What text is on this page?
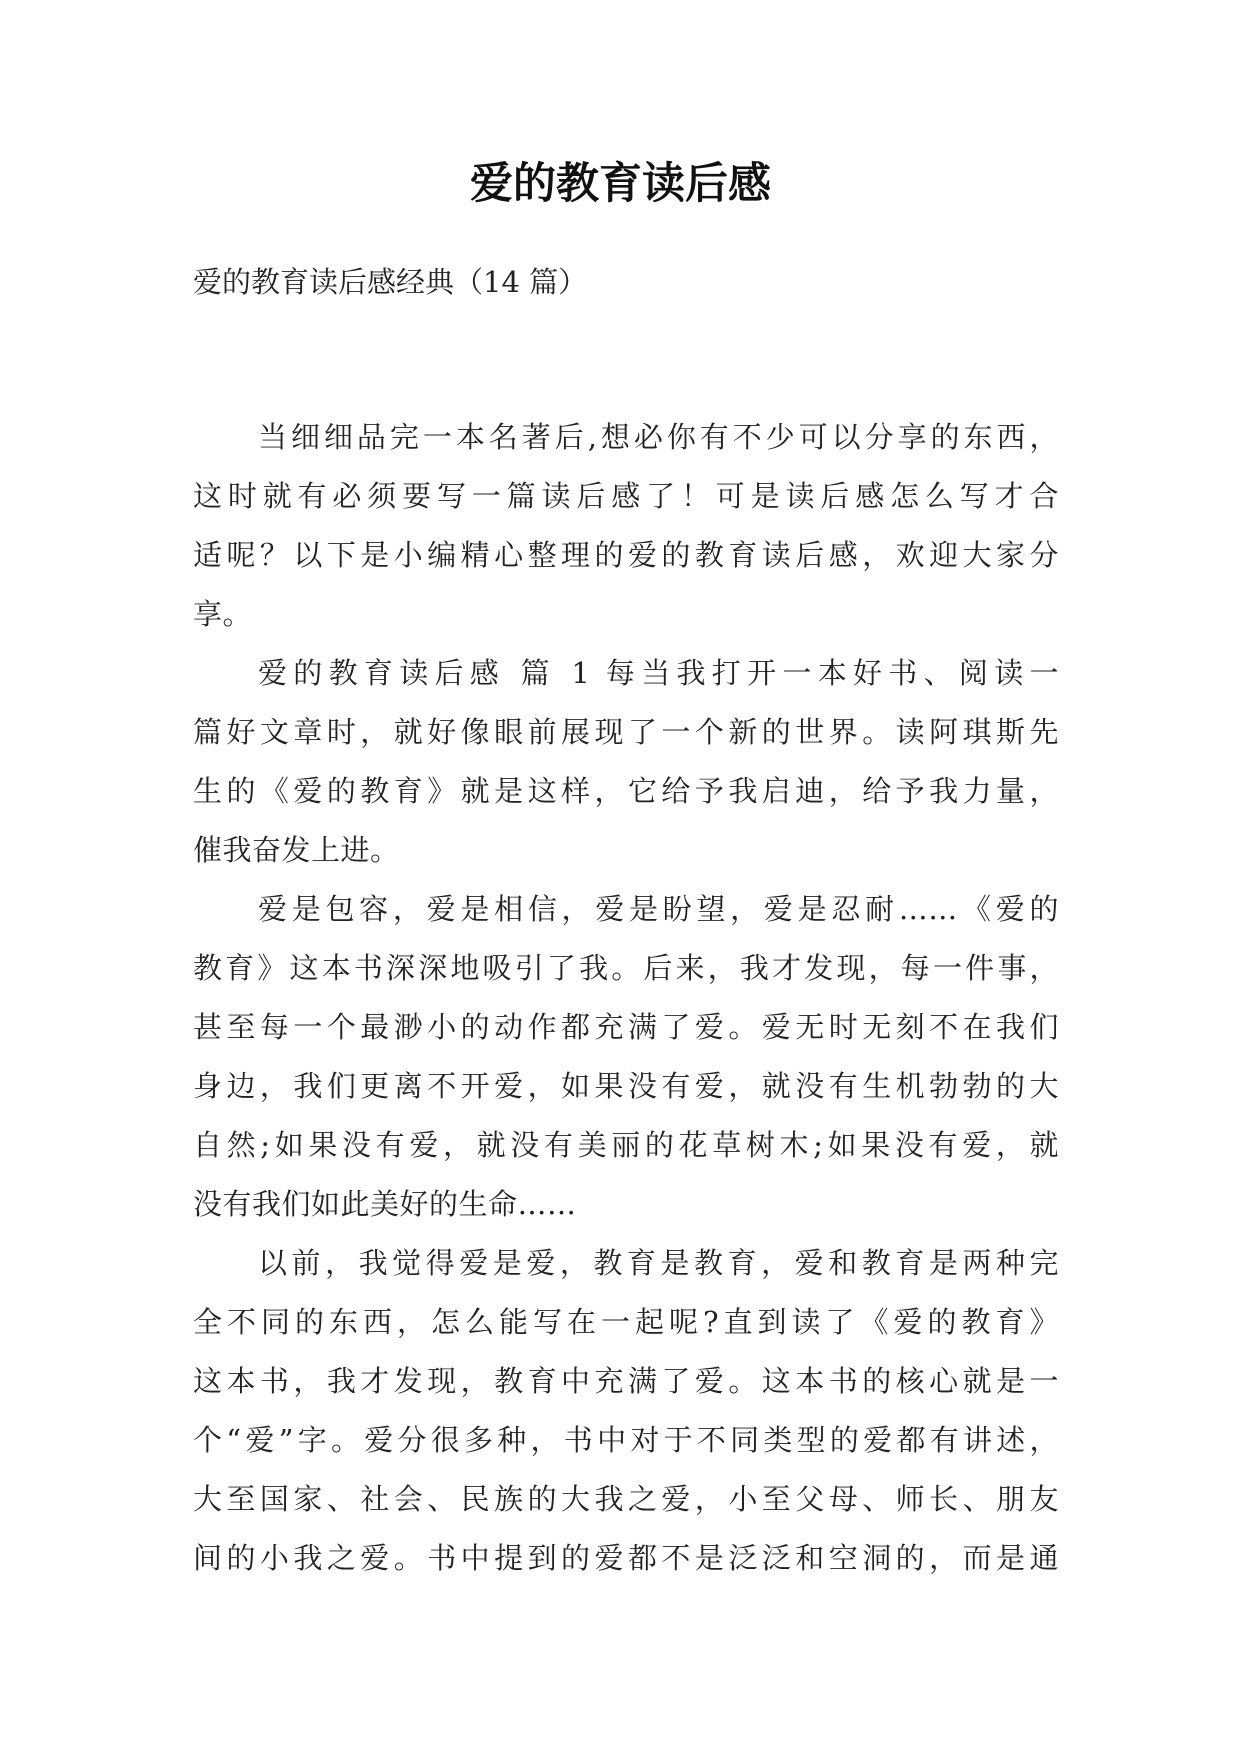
爱的教育读后感

爱的教育读后感经典（14 篇）

当细细品完一本名著后,想必你有不少可以分享的东西，
这时就有必须要写一篇读后感了！可是读后感怎么写才合
适呢？以下是小编精心整理的爱的教育读后感，欢迎大家分
享。
爱的教育读后感 篇 1 每当我打开一本好书、阅读一
篇好文章时，就好像眼前展现了一个新的世界。读阿琪斯先
生的《爱的教育》就是这样，它给予我启迪，给予我力量，
催我奋发上进。
爱是包容，爱是相信，爱是盼望，爱是忍耐……《爱的
教育》这本书深深地吸引了我。后来，我才发现，每一件事，
甚至每一个最渺小的动作都充满了爱。爱无时无刻不在我们
身边，我们更离不开爱，如果没有爱，就没有生机勃勃的大
自然;如果没有爱，就没有美丽的花草树木;如果没有爱，就
没有我们如此美好的生命……
以前，我觉得爱是爱，教育是教育，爱和教育是两种完
全不同的东西，怎么能写在一起呢?直到读了《爱的教育》
这本书，我才发现，教育中充满了爱。这本书的核心就是一
个“爱”字。爱分很多种，书中对于不同类型的爱都有讲述，
大至国家、社会、民族的大我之爱，小至父母、师长、朋友
间的小我之爱。书中提到的爱都不是泛泛和空洞的，而是通
